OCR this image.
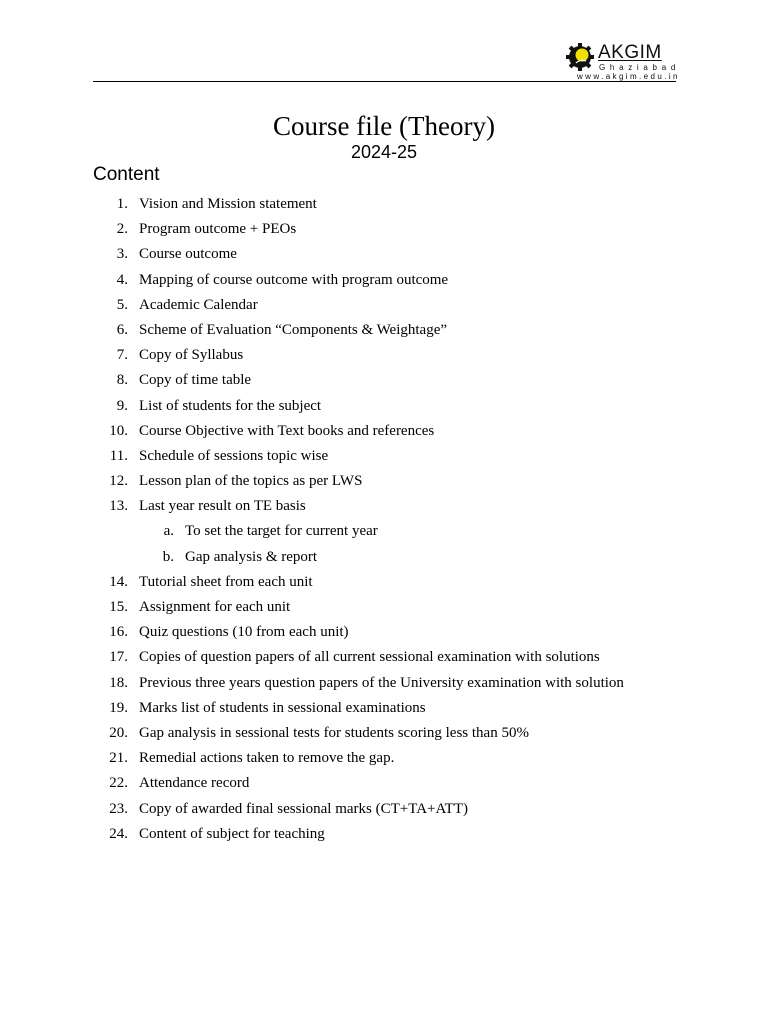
AKGIM
Ghaziabad
www.akgim.edu.in
Course file (Theory)
2024-25
Content
1. Vision and Mission statement
2. Program outcome + PEOs
3. Course outcome
4. Mapping of course outcome with program outcome
5. Academic Calendar
6. Scheme of Evaluation “Components & Weightage”
7. Copy of Syllabus
8. Copy of time table
9. List of students for the subject
10. Course Objective with Text books and references
11. Schedule of sessions topic wise
12. Lesson plan of the topics as per LWS
13. Last year result on TE basis
a. To set the target for current year
b. Gap analysis & report
14. Tutorial sheet from each unit
15. Assignment for each unit
16. Quiz questions (10 from each unit)
17. Copies of question papers of all current sessional examination with solutions
18. Previous three years question papers of the University examination with solution
19. Marks list of students in sessional examinations
20. Gap analysis in sessional tests for students scoring less than 50%
21. Remedial actions taken to remove the gap.
22. Attendance record
23. Copy of awarded final sessional marks (CT+TA+ATT)
24. Content of subject for teaching
